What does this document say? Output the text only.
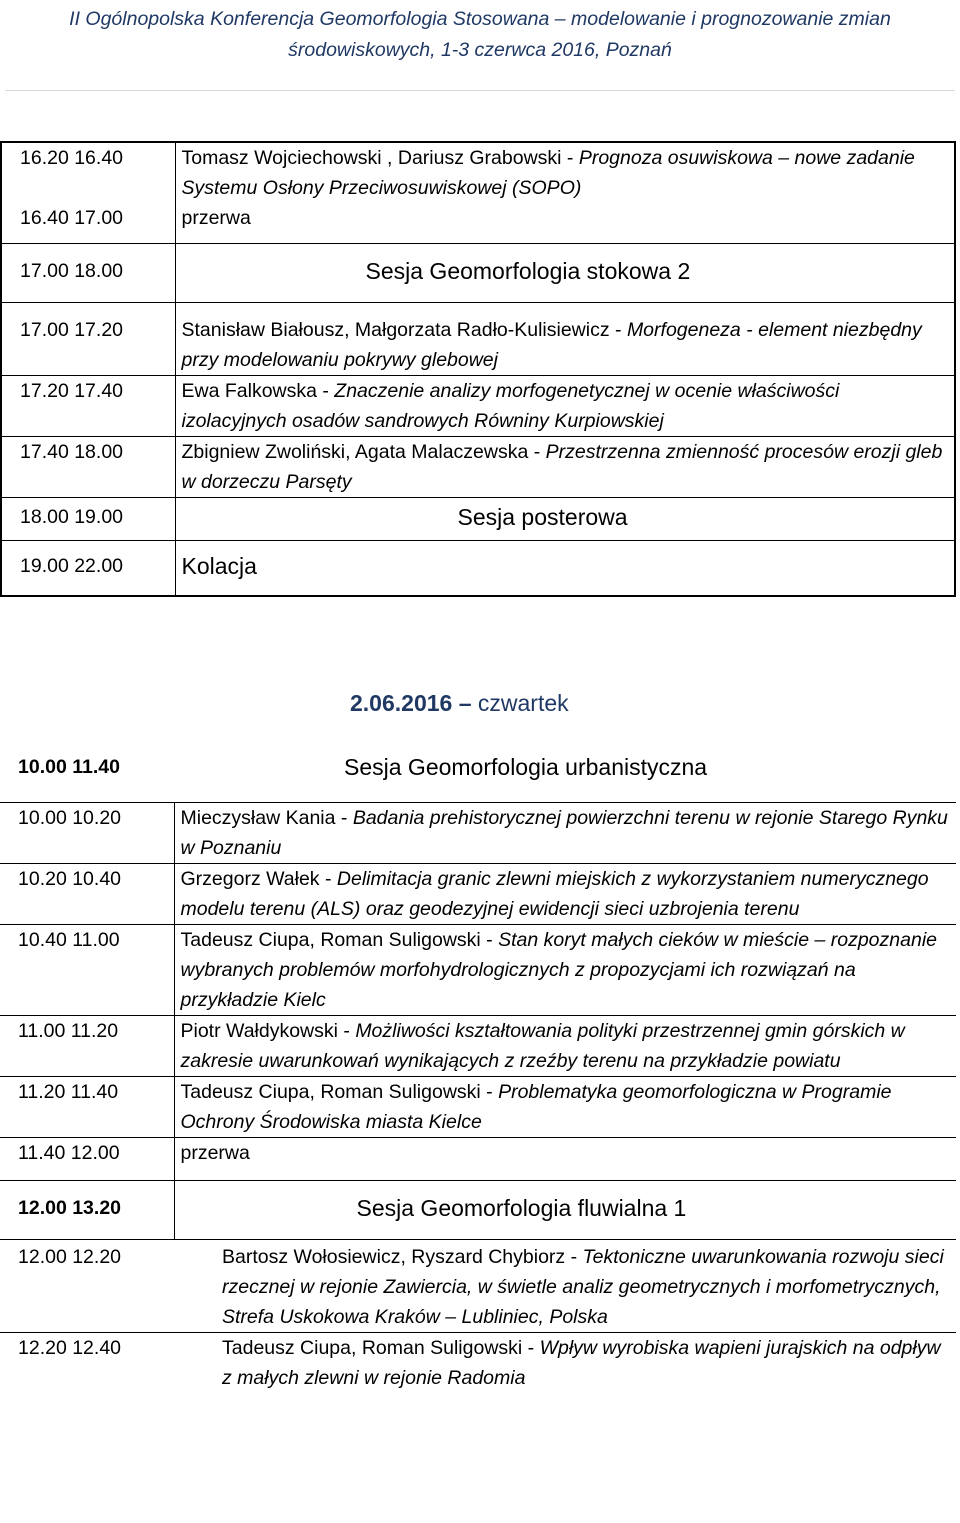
II Ogólnopolska Konferencja Geomorfologia Stosowana – modelowanie i prognozowanie zmian
środowiskowych, 1-3 czerwca 2016, Poznań
16.20 16.40	Tomasz Wojciechowski , Dariusz Grabowski - Prognoza osuwiskowa – nowe zadanie Systemu Osłony Przeciwosuwiskowej (SOPO)
16.40 17.00	przerwa
17.00 18.00	Sesja Geomorfologia stokowa 2
17.00 17.20	Stanisław Białousz, Małgorzata Radło-Kulisiewicz - Morfogeneza - element niezbędny przy modelowaniu pokrywy glebowej
17.20 17.40	Ewa Falkowska - Znaczenie analizy morfogenetycznej w ocenie właściwości izolacyjnych osadów sandrowych Równiny Kurpiowskiej
17.40 18.00	Zbigniew Zwoliński, Agata Malaczewska - Przestrzenna zmienność procesów erozji gleb w dorzeczu Parsęty
18.00 19.00	Sesja posterowa
19.00 22.00	Kolacja
2.06.2016 – czwartek
10.00 11.40	Sesja Geomorfologia urbanistyczna
10.00 10.20	Mieczysław Kania - Badania prehistorycznej powierzchni terenu w rejonie Starego Rynku w Poznaniu
10.20 10.40	Grzegorz Wałek - Delimitacja granic zlewni miejskich z wykorzystaniem numerycznego modelu terenu (ALS) oraz geodezyjnej ewidencji sieci uzbrojenia terenu
10.40 11.00	Tadeusz Ciupa, Roman Suligowski - Stan koryt małych cieków w mieście – rozpoznanie wybranych problemów morfohydrologicznych z propozycjami ich rozwiązań na przykładzie Kielc
11.00 11.20	Piotr Wałdykowski - Możliwości kształtowania polityki przestrzennej gmin górskich w zakresie uwarunkowań wynikających z rzeźby terenu na przykładzie powiatu
11.20 11.40	Tadeusz Ciupa, Roman Suligowski - Problematyka geomorfologiczna w Programie Ochrony Środowiska miasta Kielce
11.40 12.00	przerwa
12.00 13.20	Sesja Geomorfologia fluwialna 1
12.00 12.20	Bartosz Wołosiewicz, Ryszard Chybiorz - Tektoniczne uwarunkowania rozwoju sieci rzecznej w rejonie Zawiercia, w świetle analiz geometrycznych i morfometrycznych, Strefa Uskokowa Kraków – Lubliniec, Polska
12.20 12.40	Tadeusz Ciupa, Roman Suligowski - Wpływ wyrobiska wapieni jurajskich na odpływ z małych zlewni w rejonie Radomia
